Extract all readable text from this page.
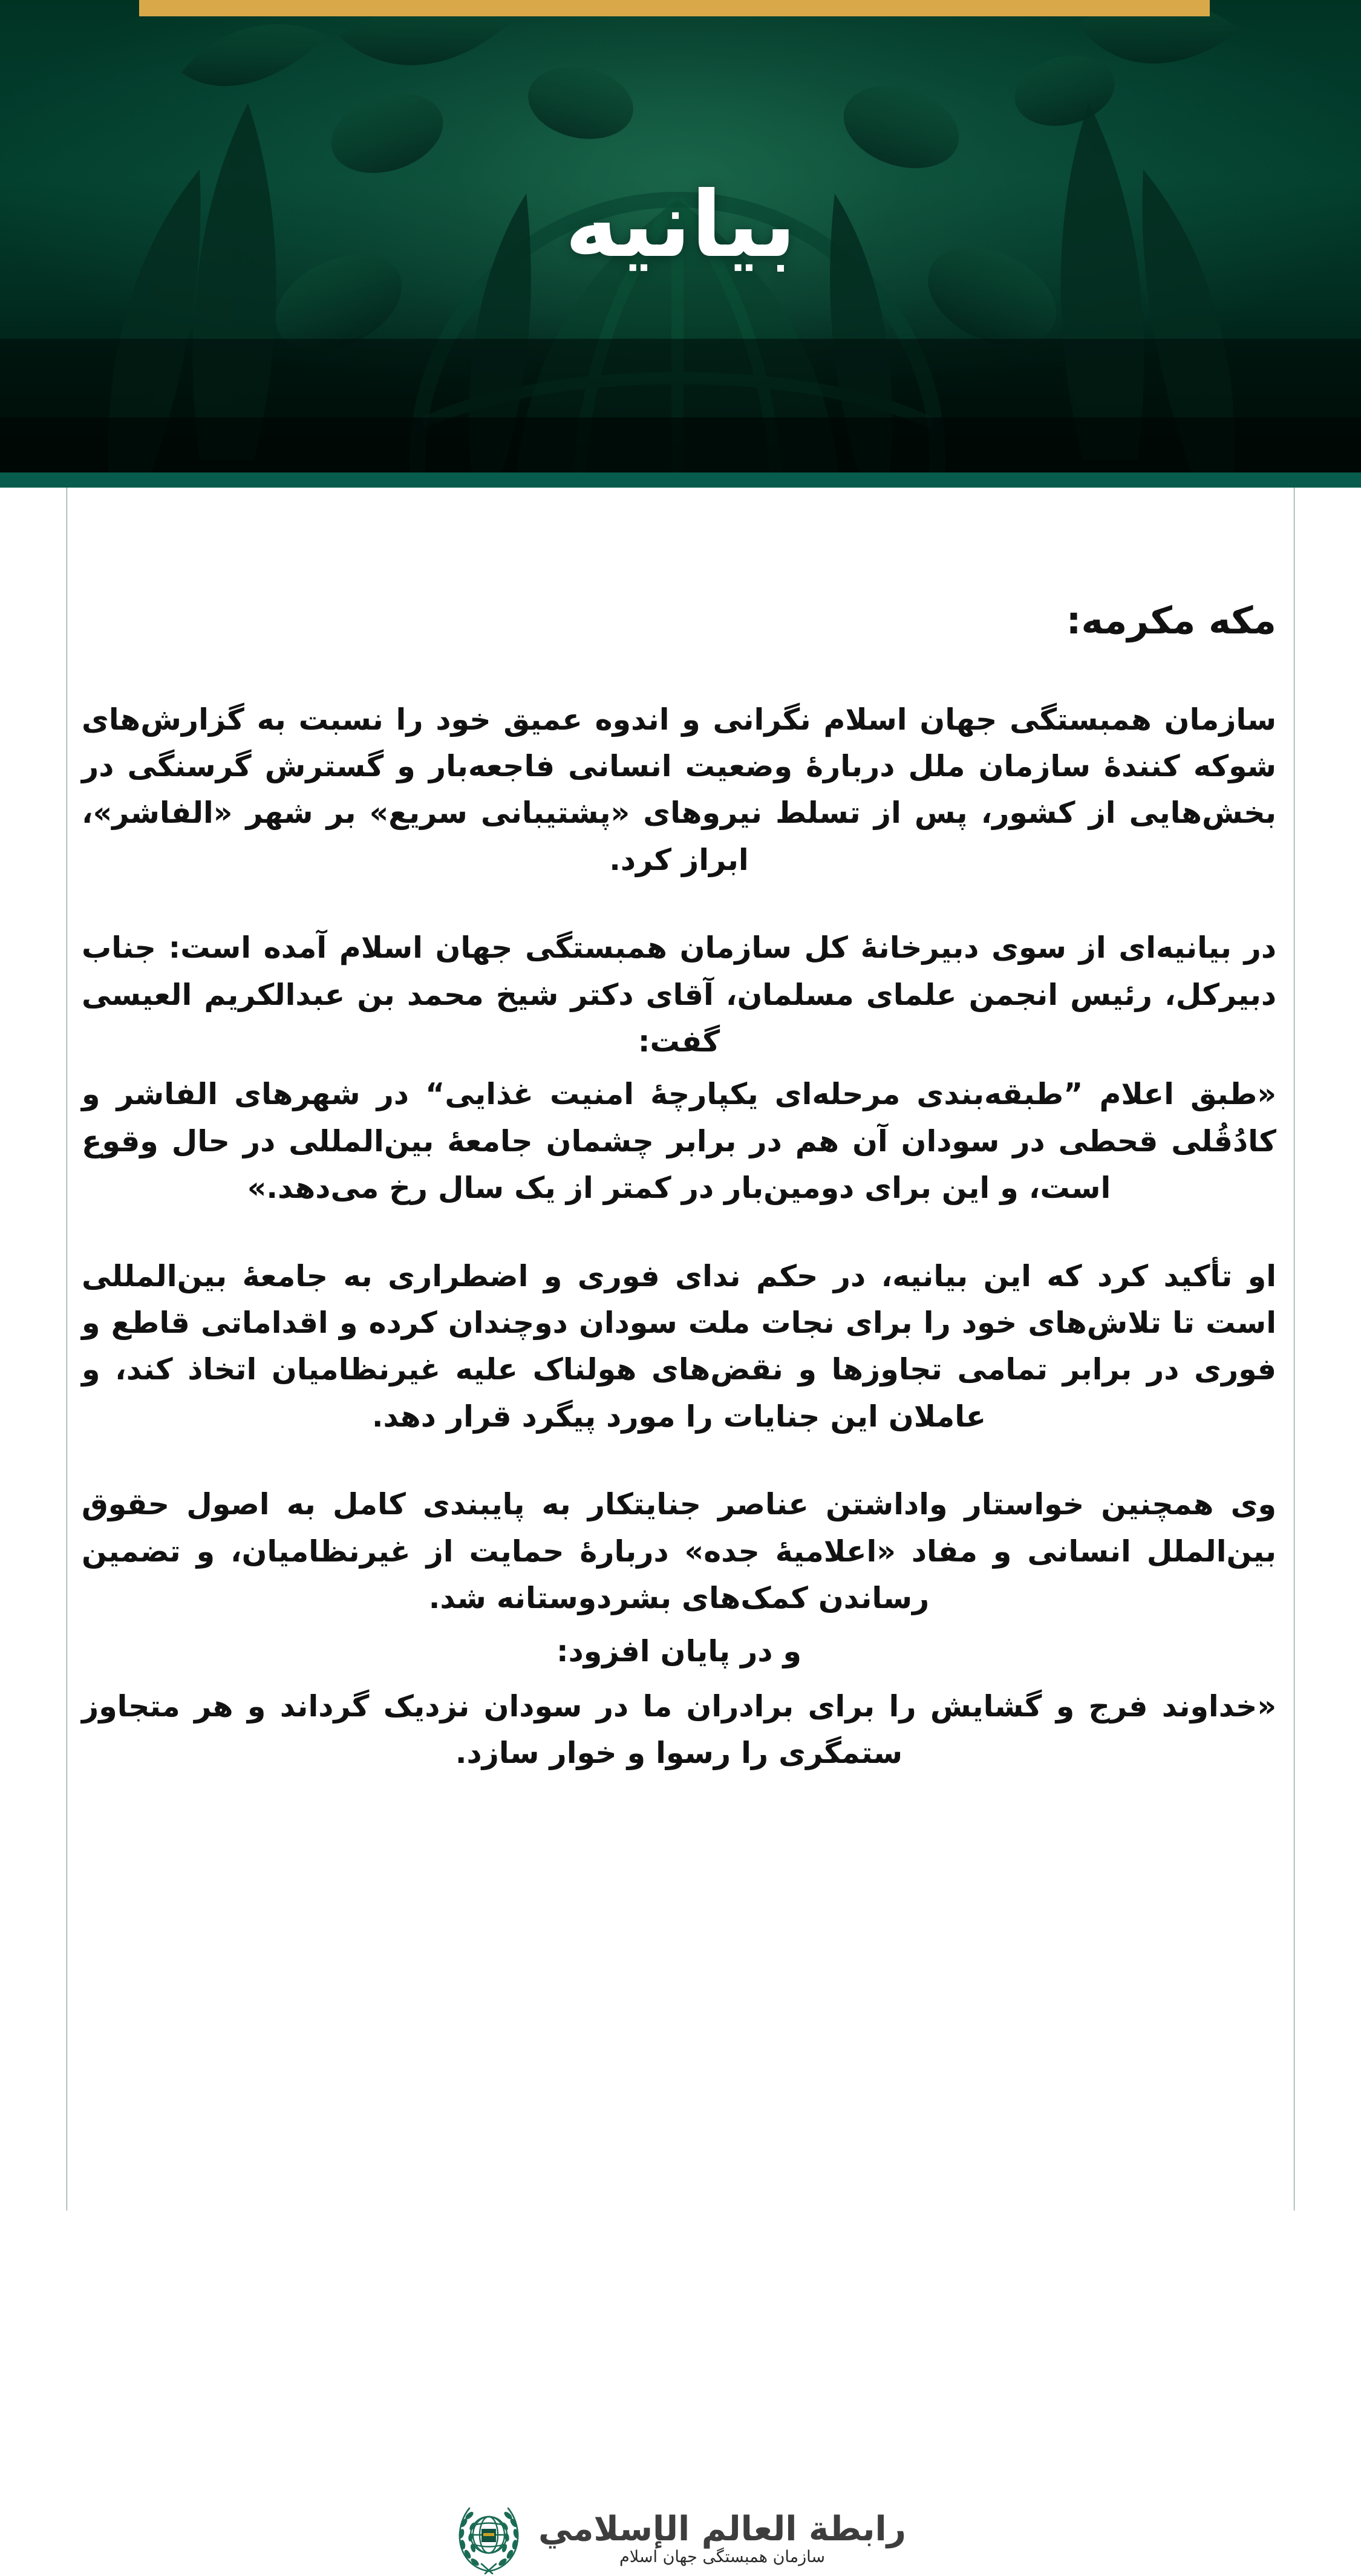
بیانیه
مکه مکرمه:

سازمان همبستگی جهان اسلام نگرانی و اندوه عمیق خود را نسبت به گزارش‌های شوکه کنندهٔ سازمان ملل دربارهٔ وضعیت انسانی فاجعه‌بار و گسترش گرسنگی در بخش‌هایی از کشور، پس از تسلط نیروهای «پشتیبانی سریع» بر شهر «الفاشر»، ابراز کرد.

در بیانیه‌ای از سوی دبیرخانهٔ کل سازمان همبستگی جهان اسلام آمده است: جناب دبیرکل، رئیس انجمن علمای مسلمان، آقای دکتر شیخ محمد بن عبدالکریم العیسی گفت:

«طبق اعلام ”طبقه‌بندی مرحله‌ای یکپارچهٔ امنیت غذایی“ در شهرهای الفاشر و کادُقُلی قحطی در سودان آن هم در برابر چشمان جامعهٔ بین‌المللی در حال وقوع است، و این برای دومین‌بار در کمتر از یک سال رخ می‌دهد.»

او تأکید کرد که این بیانیه، در حکم ندای فوری و اضطراری به جامعهٔ بین‌المللی است تا تلاش‌های خود را برای نجات ملت سودان دوچندان کرده و اقداماتی قاطع و فوری در برابر تمامی تجاوزها و نقض‌های هولناک علیه غیرنظامیان اتخاذ کند، و عاملان این جنایات را مورد پیگرد قرار دهد.

وی همچنین خواستار واداشتن عناصر جنایتکار به پایبندی کامل به اصول حقوق بین‌الملل انسانی و مفاد «اعلامیهٔ جده» دربارهٔ حمایت از غیرنظامیان، و تضمین رساندن کمک‌های بشردوستانه شد.

و در پایان افزود:

«خداوند فرج و گشایش را برای برادران ما در سودان نزدیک گرداند و هر متجاوز ستمگری را رسوا و خوار سازد.

رابطة العالم الإسلامي
سازمان همبستگی جهان اسلام
